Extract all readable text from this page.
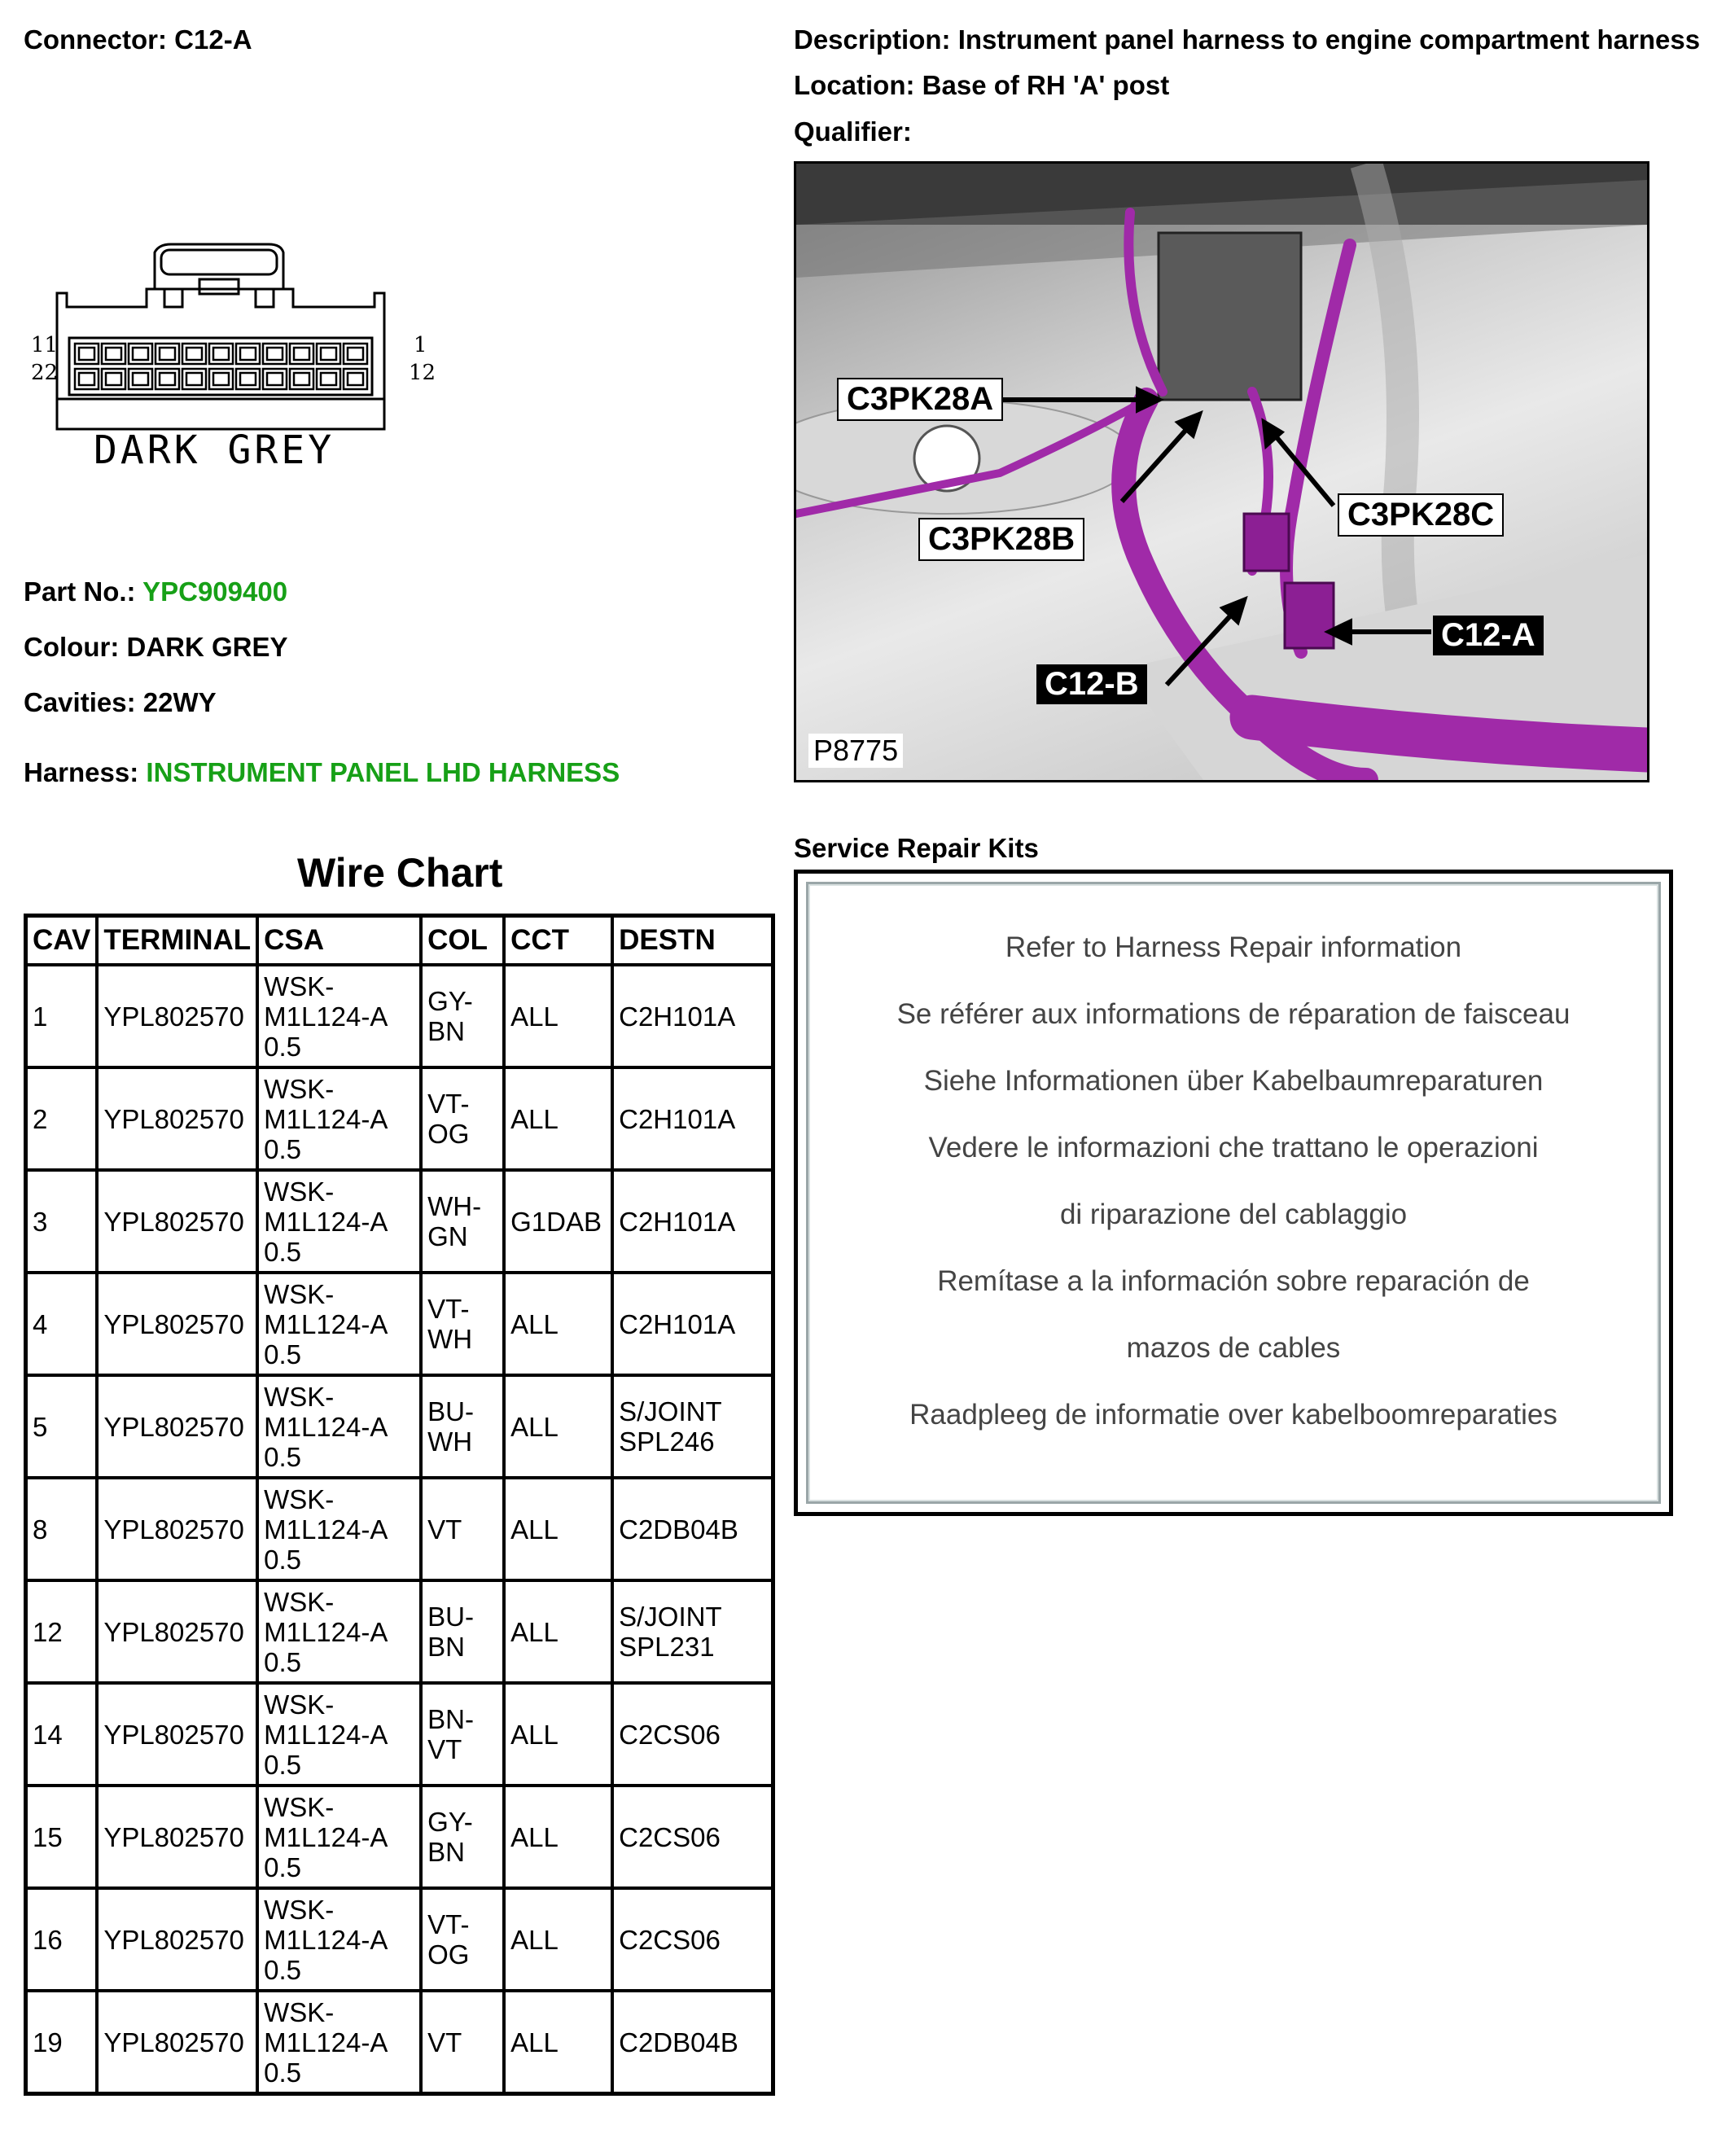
Connector: C12-A	Description: Instrument panel harness to engine compartment harness
Location: Base of RH 'A' post
Qualifier:
11
22
1
12
DARK GREY
Part No.: YPC909400
Colour: DARK GREY
Cavities: 22WY
Harness: INSTRUMENT PANEL LHD HARNESS
C3PK28A
C3PK28B
C3PK28C
C12-A
C12-B
P8775
Service Repair Kits
Refer to Harness Repair information
Se référer aux informations de réparation de faisceau
Siehe Informationen über Kabelbaumreparaturen
Vedere le informazioni che trattano le operazioni
di riparazione del cablaggio
Remítase a la información sobre reparación de
mazos de cables
Raadpleeg de informatie over kabelboomreparaties
Wire Chart
CAV	TERMINAL	CSA	COL	CCT	DESTN
1	YPL802570	WSK-
M1L124-A
0.5	GY-
BN	ALL	C2H101A
2	YPL802570	WSK-
M1L124-A
0.5	VT-
OG	ALL	C2H101A
3	YPL802570	WSK-
M1L124-A
0.5	WH-
GN	G1DAB	C2H101A
4	YPL802570	WSK-
M1L124-A
0.5	VT-
WH	ALL	C2H101A
5	YPL802570	WSK-
M1L124-A
0.5	BU-
WH	ALL	S/JOINT
SPL246
8	YPL802570	WSK-
M1L124-A
0.5	VT	ALL	C2DB04B
12	YPL802570	WSK-
M1L124-A
0.5	BU-
BN	ALL	S/JOINT
SPL231
14	YPL802570	WSK-
M1L124-A
0.5	BN-
VT	ALL	C2CS06
15	YPL802570	WSK-
M1L124-A
0.5	GY-
BN	ALL	C2CS06
16	YPL802570	WSK-
M1L124-A
0.5	VT-
OG	ALL	C2CS06
19	YPL802570	WSK-
M1L124-A
0.5	VT	ALL	C2DB04B
